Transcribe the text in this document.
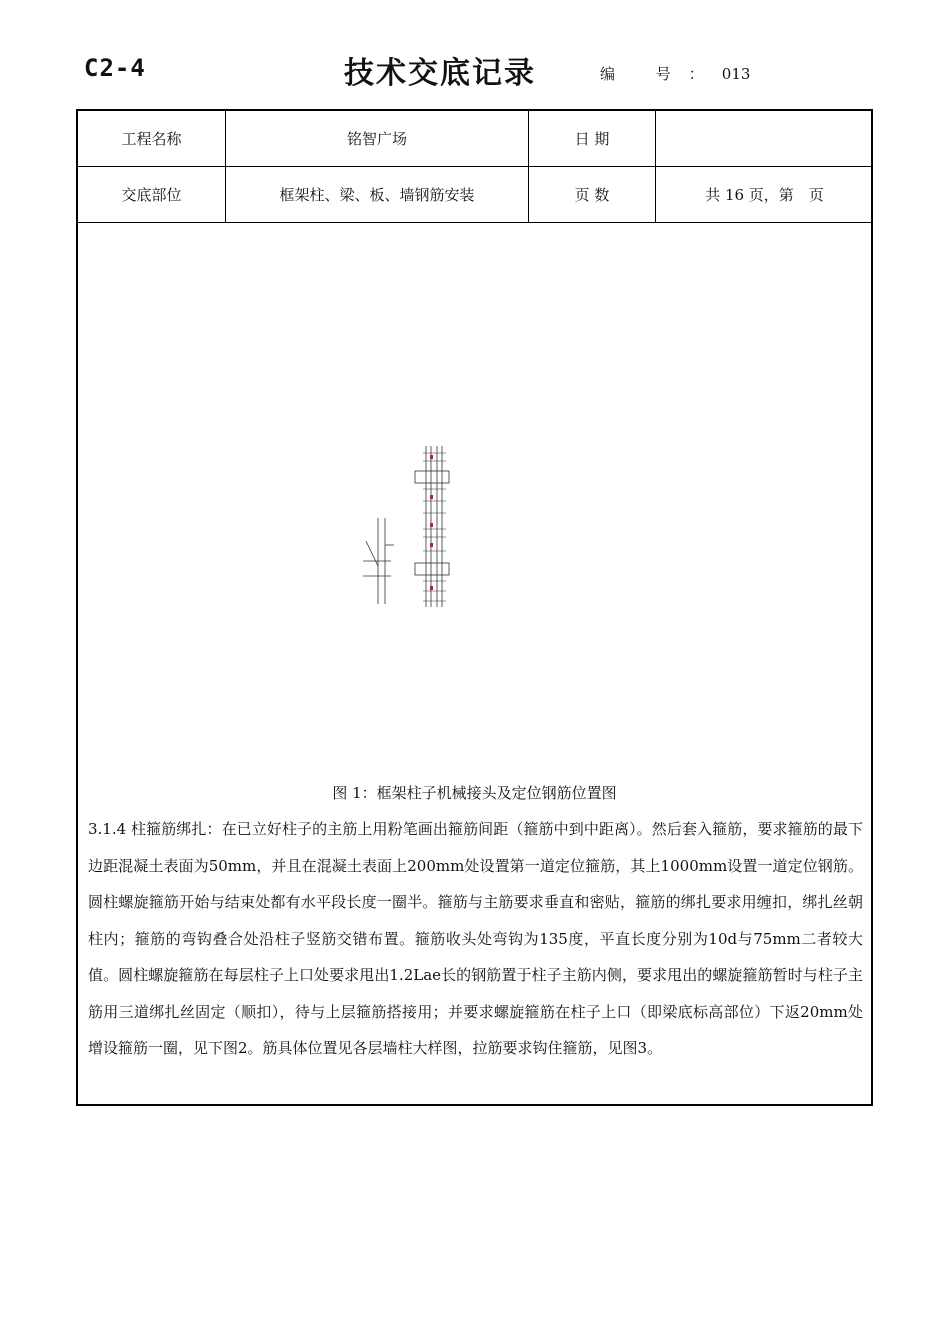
C2-4	技术交底记录	编 号：013
工程名称	铭智广场	日 期
交底部位	框架柱、梁、板、墙钢筋安装	页 数	共 16 页，第　页
图 1：框架柱子机械接头及定位钢筋位置图
3.1.4 柱箍筋绑扎：在已立好柱子的主筋上用粉笔画出箍筋间距（箍筋中到中距离）。然后套入箍筋，要求箍筋的最下边距混凝土表面为50mm，并且在混凝土表面上200mm处设置第一道定位箍筋，其上1000mm设置一道定位钢筋。圆柱螺旋箍筋开始与结束处都有水平段长度一圈半。箍筋与主筋要求垂直和密贴，箍筋的绑扎要求用缠扣，绑扎丝朝柱内；箍筋的弯钩叠合处沿柱子竖筋交错布置。箍筋收头处弯钩为135度，平直长度分别为10d与75mm二者较大值。圆柱螺旋箍筋在每层柱子上口处要求甩出1.2Lae长的钢筋置于柱子主筋内侧，要求甩出的螺旋箍筋暂时与柱子主筋用三道绑扎丝固定（顺扣），待与上层箍筋搭接用；并要求螺旋箍筋在柱子上口（即梁底标高部位）下返20mm处增设箍筋一圈，见下图2。筋具体位置见各层墙柱大样图，拉筋要求钩住箍筋，见图3。
